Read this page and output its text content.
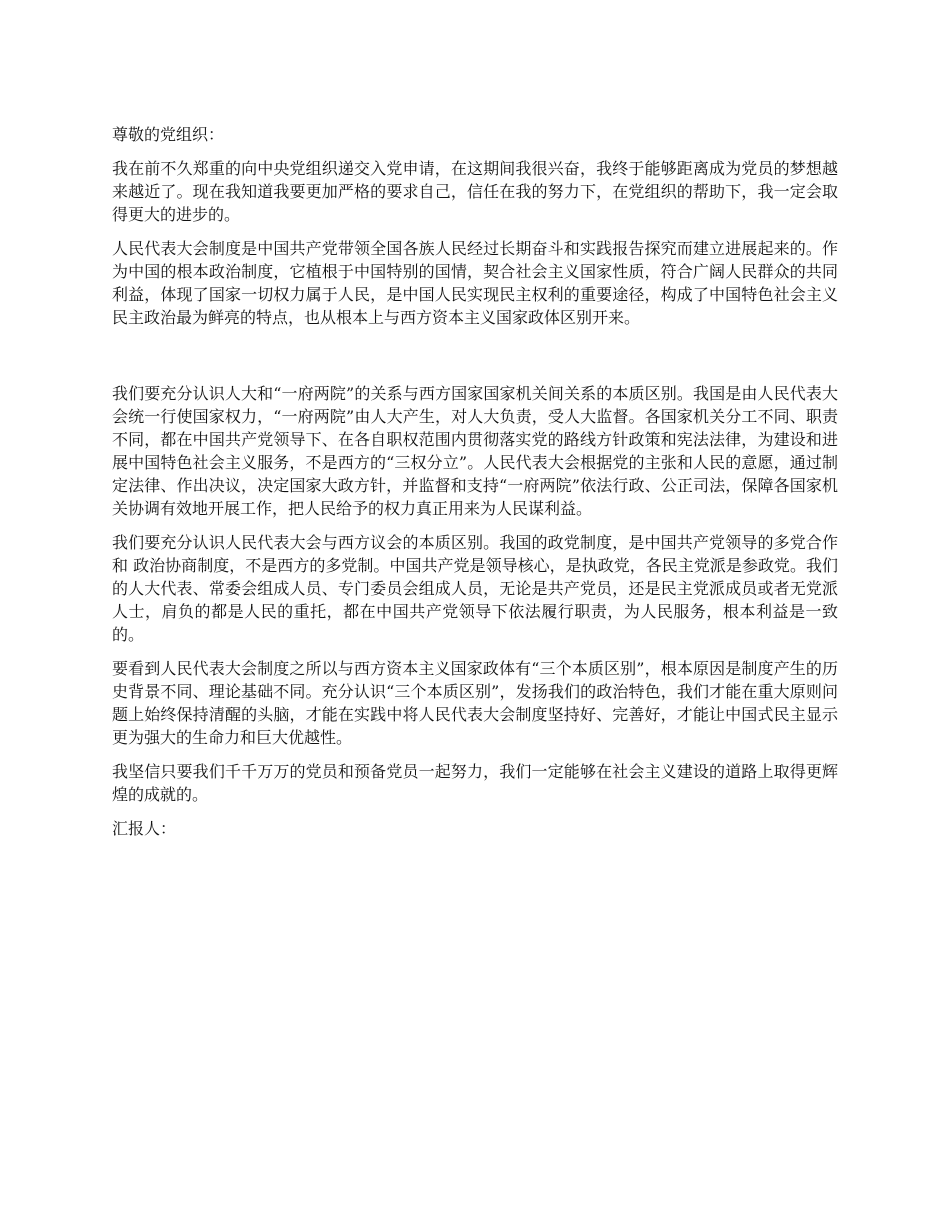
尊敬的党组织：

我在前不久郑重的向中央党组织递交入党申请，在这期间我很兴奋，我终于能够距离成为党员的梦想越来越近了。现在我知道我要更加严格的要求自己，信任在我的努力下，在党组织的帮助下，我一定会取得更大的进步的。

人民代表大会制度是中国共产党带领全国各族人民经过长期奋斗和实践报告探究而建立进展起来的。作为中国的根本政治制度，它植根于中国特别的国情，契合社会主义国家性质，符合广阔人民群众的共同利益，体现了国家一切权力属于人民，是中国人民实现民主权利的重要途径，构成了中国特色社会主义民主政治最为鲜亮的特点，也从根本上与西方资本主义国家政体区别开来。

我们要充分认识人大和“一府两院”的关系与西方国家国家机关间关系的本质区别。我国是由人民代表大会统一行使国家权力，“一府两院”由人大产生，对人大负责，受人大监督。各国家机关分工不同、职责不同，都在中国共产党领导下、在各自职权范围内贯彻落实党的路线方针政策和宪法法律，为建设和进展中国特色社会主义服务，不是西方的“三权分立”。人民代表大会根据党的主张和人民的意愿，通过制定法律、作出决议，决定国家大政方针，并监督和支持“一府两院”依法行政、公正司法，保障各国家机关协调有效地开展工作，把人民给予的权力真正用来为人民谋利益。

我们要充分认识人民代表大会与西方议会的本质区别。我国的政党制度，是中国共产党领导的多党合作和 政治协商制度，不是西方的多党制。中国共产党是领导核心，是执政党，各民主党派是参政党。我们的人大代表、常委会组成人员、专门委员会组成人员，无论是共产党员，还是民主党派成员或者无党派人士，肩负的都是人民的重托，都在中国共产党领导下依法履行职责，为人民服务，根本利益是一致的。

要看到人民代表大会制度之所以与西方资本主义国家政体有“三个本质区别”，根本原因是制度产生的历史背景不同、理论基础不同。充分认识“三个本质区别”，发扬我们的政治特色，我们才能在重大原则问题上始终保持清醒的头脑，才能在实践中将人民代表大会制度坚持好、完善好，才能让中国式民主显示更为强大的生命力和巨大优越性。

我坚信只要我们千千万万的党员和预备党员一起努力，我们一定能够在社会主义建设的道路上取得更辉煌的成就的。

汇报人：
